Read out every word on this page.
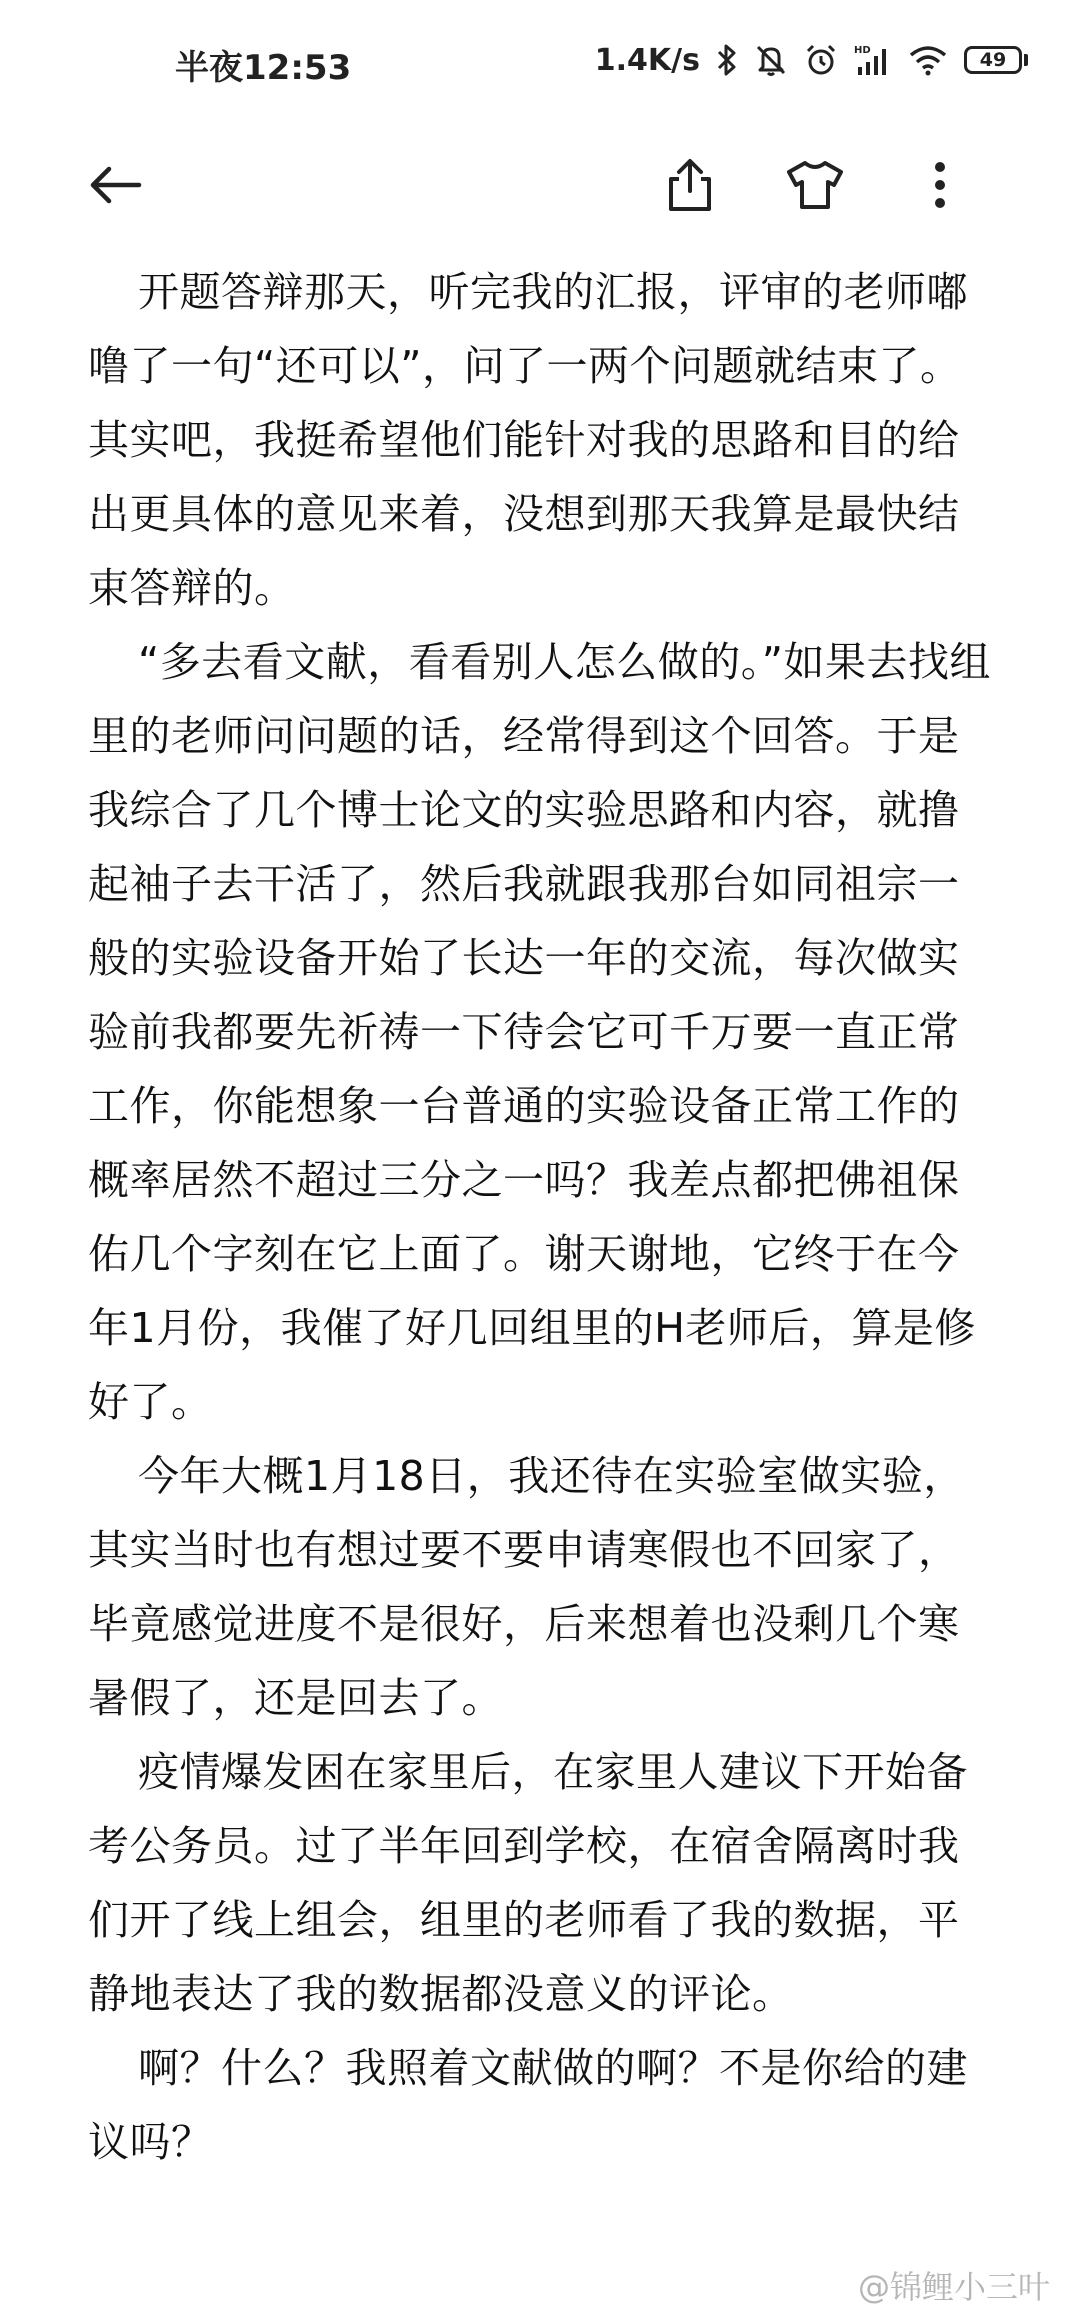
半夜12:53	1.4K/s	HD	49

开题答辩那天，听完我的汇报，评审的老师嘟噜了一句“还可以”，问了一两个问题就结束了。其实吧，我挺希望他们能针对我的思路和目的给出更具体的意见来着，没想到那天我算是最快结束答辩的。

“多去看文献，看看别人怎么做的。”如果去找组里的老师问问题的话，经常得到这个回答。于是我综合了几个博士论文的实验思路和内容，就撸起袖子去干活了，然后我就跟我那台如同祖宗一般的实验设备开始了长达一年的交流，每次做实验前我都要先祈祷一下待会它可千万要一直正常工作，你能想象一台普通的实验设备正常工作的概率居然不超过三分之一吗？我差点都把佛祖保佑几个字刻在它上面了。谢天谢地，它终于在今年1月份，我催了好几回组里的H老师后，算是修好了。

今年大概1月18日，我还待在实验室做实验，其实当时也有想过要不要申请寒假也不回家了，毕竟感觉进度不是很好，后来想着也没剩几个寒暑假了，还是回去了。

疫情爆发困在家里后，在家里人建议下开始备考公务员。过了半年回到学校，在宿舍隔离时我们开了线上组会，组里的老师看了我的数据，平静地表达了我的数据都没意义的评论。

啊？什么？我照着文献做的啊？不是你给的建议吗？

@锦鲤小三叶
